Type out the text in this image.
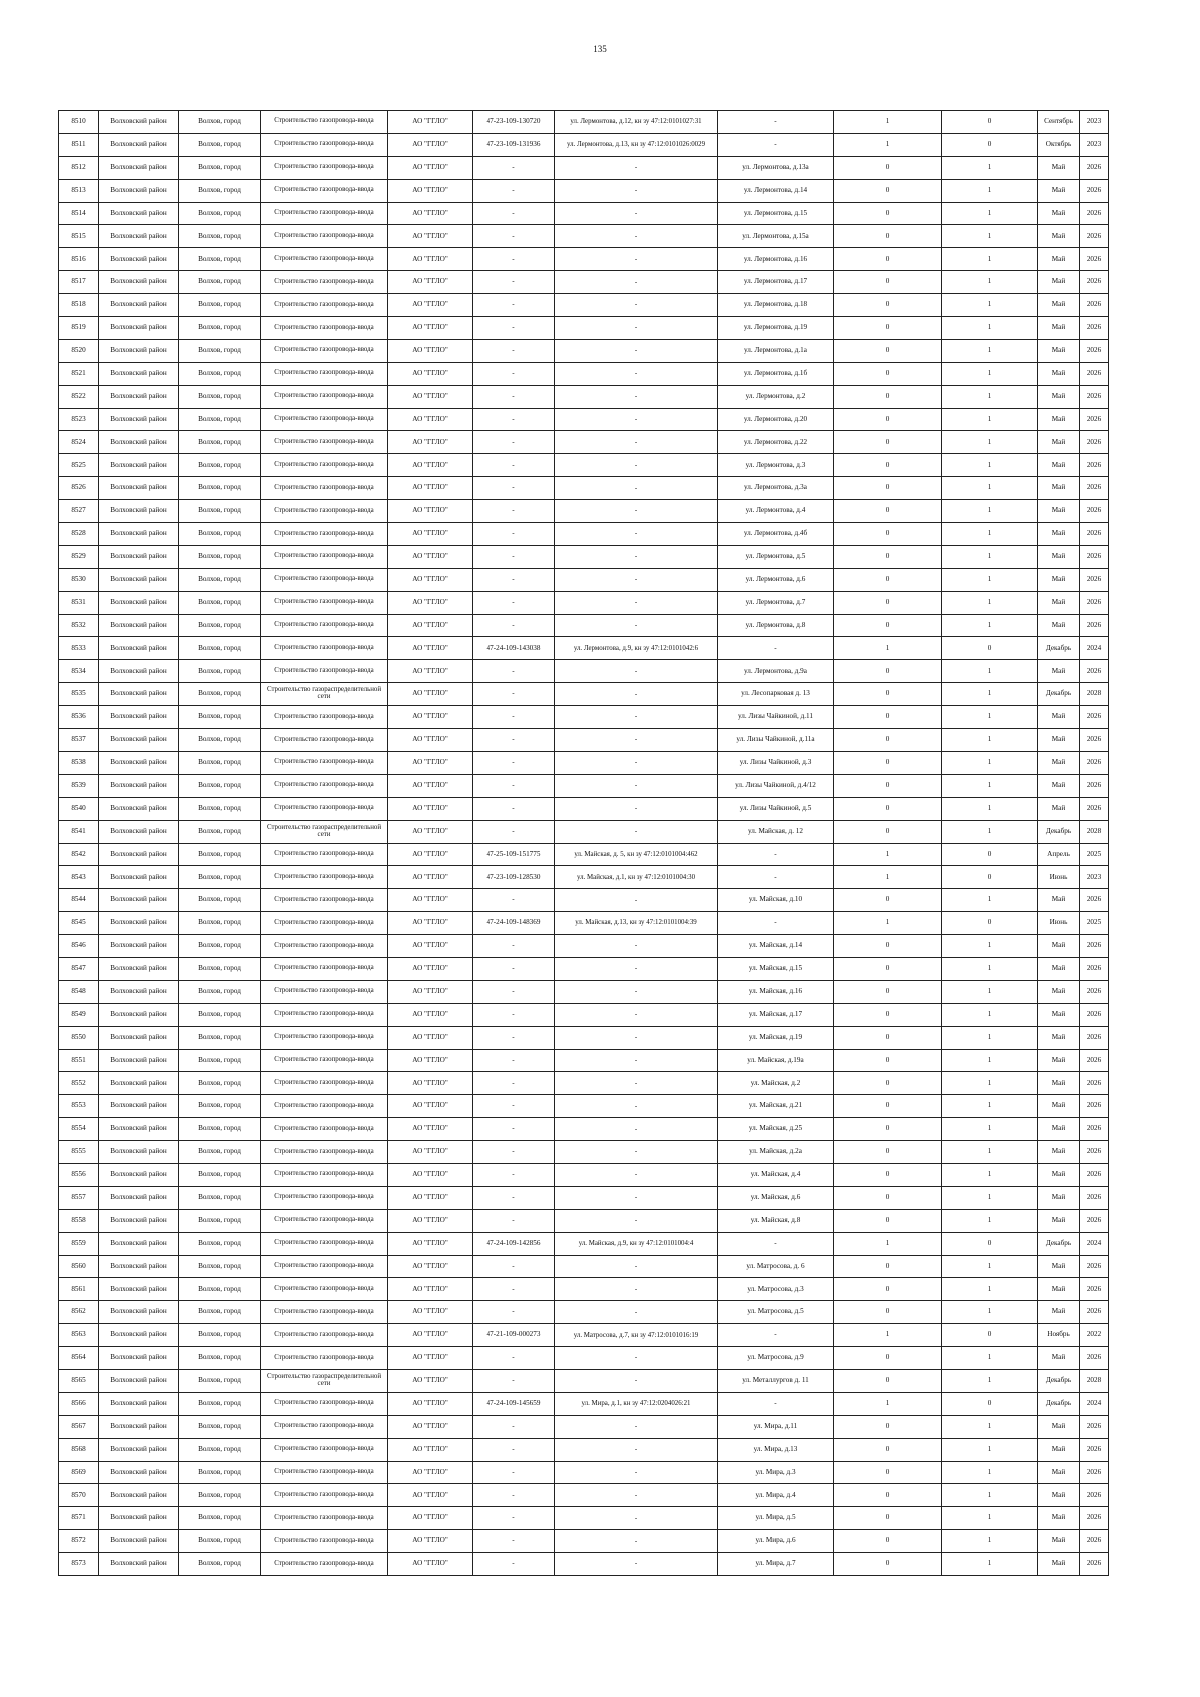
135
8510	Волховский район	Волхов, город	Строительство газопровода-ввода	АО "ГГЛО"	47-23-109-130720	ул. Лермонтова, д.12, кн зу 47:12:0101027:31	-	1	0	Сентябрь	2023
8511	Волховский район	Волхов, город	Строительство газопровода-ввода	АО "ГГЛО"	47-23-109-131936	ул. Лермонтова, д.13, кн зу 47:12:0101026:0029	-	1	0	Октябрь	2023
8512	Волховский район	Волхов, город	Строительство газопровода-ввода	АО "ГГЛО"	-	-	ул. Лермонтова, д.13а	0	1	Май	2026
8513	Волховский район	Волхов, город	Строительство газопровода-ввода	АО "ГГЛО"	-	-	ул. Лермонтова, д.14	0	1	Май	2026
8514	Волховский район	Волхов, город	Строительство газопровода-ввода	АО "ГГЛО"	-	-	ул. Лермонтова, д.15	0	1	Май	2026
8515	Волховский район	Волхов, город	Строительство газопровода-ввода	АО "ГГЛО"	-	-	ул. Лермонтова, д.15а	0	1	Май	2026
8516	Волховский район	Волхов, город	Строительство газопровода-ввода	АО "ГГЛО"	-	-	ул. Лермонтова, д.16	0	1	Май	2026
8517	Волховский район	Волхов, город	Строительство газопровода-ввода	АО "ГГЛО"	-	-	ул. Лермонтова, д.17	0	1	Май	2026
8518	Волховский район	Волхов, город	Строительство газопровода-ввода	АО "ГГЛО"	-	-	ул. Лермонтова, д.18	0	1	Май	2026
8519	Волховский район	Волхов, город	Строительство газопровода-ввода	АО "ГГЛО"	-	-	ул. Лермонтова, д.19	0	1	Май	2026
8520	Волховский район	Волхов, город	Строительство газопровода-ввода	АО "ГГЛО"	-	-	ул. Лермонтова, д.1а	0	1	Май	2026
8521	Волховский район	Волхов, город	Строительство газопровода-ввода	АО "ГГЛО"	-	-	ул. Лермонтова, д.1б	0	1	Май	2026
8522	Волховский район	Волхов, город	Строительство газопровода-ввода	АО "ГГЛО"	-	-	ул. Лермонтова, д.2	0	1	Май	2026
8523	Волховский район	Волхов, город	Строительство газопровода-ввода	АО "ГГЛО"	-	-	ул. Лермонтова, д.20	0	1	Май	2026
8524	Волховский район	Волхов, город	Строительство газопровода-ввода	АО "ГГЛО"	-	-	ул. Лермонтова, д.22	0	1	Май	2026
8525	Волховский район	Волхов, город	Строительство газопровода-ввода	АО "ГГЛО"	-	-	ул. Лермонтова, д.3	0	1	Май	2026
8526	Волховский район	Волхов, город	Строительство газопровода-ввода	АО "ГГЛО"	-	-	ул. Лермонтова, д.3а	0	1	Май	2026
8527	Волховский район	Волхов, город	Строительство газопровода-ввода	АО "ГГЛО"	-	-	ул. Лермонтова, д.4	0	1	Май	2026
8528	Волховский район	Волхов, город	Строительство газопровода-ввода	АО "ГГЛО"	-	-	ул. Лермонтова, д.4б	0	1	Май	2026
8529	Волховский район	Волхов, город	Строительство газопровода-ввода	АО "ГГЛО"	-	-	ул. Лермонтова, д.5	0	1	Май	2026
8530	Волховский район	Волхов, город	Строительство газопровода-ввода	АО "ГГЛО"	-	-	ул. Лермонтова, д.6	0	1	Май	2026
8531	Волховский район	Волхов, город	Строительство газопровода-ввода	АО "ГГЛО"	-	-	ул. Лермонтова, д.7	0	1	Май	2026
8532	Волховский район	Волхов, город	Строительство газопровода-ввода	АО "ГГЛО"	-	-	ул. Лермонтова, д.8	0	1	Май	2026
8533	Волховский район	Волхов, город	Строительство газопровода-ввода	АО "ГГЛО"	47-24-109-143038	ул. Лермонтова, д.9, кн зу 47:12:0101042:6	-	1	0	Декабрь	2024
8534	Волховский район	Волхов, город	Строительство газопровода-ввода	АО "ГГЛО"	-	-	ул. Лермонтова, д.9а	0	1	Май	2026
8535	Волховский район	Волхов, город	Строительство газораспределительной сети	АО "ГГЛО"	-	-	ул. Лесопарковая д. 13	0	1	Декабрь	2028
8536	Волховский район	Волхов, город	Строительство газопровода-ввода	АО "ГГЛО"	-	-	ул. Лизы Чайкиной, д.11	0	1	Май	2026
8537	Волховский район	Волхов, город	Строительство газопровода-ввода	АО "ГГЛО"	-	-	ул. Лизы Чайкиной, д.11а	0	1	Май	2026
8538	Волховский район	Волхов, город	Строительство газопровода-ввода	АО "ГГЛО"	-	-	ул. Лизы Чайкиной, д.3	0	1	Май	2026
8539	Волховский район	Волхов, город	Строительство газопровода-ввода	АО "ГГЛО"	-	-	ул. Лизы Чайкиной, д.4/12	0	1	Май	2026
8540	Волховский район	Волхов, город	Строительство газопровода-ввода	АО "ГГЛО"	-	-	ул. Лизы Чайкиной, д.5	0	1	Май	2026
8541	Волховский район	Волхов, город	Строительство газораспределительной сети	АО "ГГЛО"	-	-	ул. Майская, д. 12	0	1	Декабрь	2028
8542	Волховский район	Волхов, город	Строительство газопровода-ввода	АО "ГГЛО"	47-25-109-151775	ул. Майская, д. 5, кн зу 47:12:0101004:462	-	1	0	Апрель	2025
8543	Волховский район	Волхов, город	Строительство газопровода-ввода	АО "ГГЛО"	47-23-109-128530	ул. Майская, д.1, кн зу 47:12:0101004:30	-	1	0	Июнь	2023
8544	Волховский район	Волхов, город	Строительство газопровода-ввода	АО "ГГЛО"	-	-	ул. Майская, д.10	0	1	Май	2026
8545	Волховский район	Волхов, город	Строительство газопровода-ввода	АО "ГГЛО"	47-24-109-148369	ул. Майская, д.13, кн зу 47:12:0101004:39	-	1	0	Июнь	2025
8546	Волховский район	Волхов, город	Строительство газопровода-ввода	АО "ГГЛО"	-	-	ул. Майская, д.14	0	1	Май	2026
8547	Волховский район	Волхов, город	Строительство газопровода-ввода	АО "ГГЛО"	-	-	ул. Майская, д.15	0	1	Май	2026
8548	Волховский район	Волхов, город	Строительство газопровода-ввода	АО "ГГЛО"	-	-	ул. Майская, д.16	0	1	Май	2026
8549	Волховский район	Волхов, город	Строительство газопровода-ввода	АО "ГГЛО"	-	-	ул. Майская, д.17	0	1	Май	2026
8550	Волховский район	Волхов, город	Строительство газопровода-ввода	АО "ГГЛО"	-	-	ул. Майская, д.19	0	1	Май	2026
8551	Волховский район	Волхов, город	Строительство газопровода-ввода	АО "ГГЛО"	-	-	ул. Майская, д.19а	0	1	Май	2026
8552	Волховский район	Волхов, город	Строительство газопровода-ввода	АО "ГГЛО"	-	-	ул. Майская, д.2	0	1	Май	2026
8553	Волховский район	Волхов, город	Строительство газопровода-ввода	АО "ГГЛО"	-	-	ул. Майская, д.21	0	1	Май	2026
8554	Волховский район	Волхов, город	Строительство газопровода-ввода	АО "ГГЛО"	-	-	ул. Майская, д.25	0	1	Май	2026
8555	Волховский район	Волхов, город	Строительство газопровода-ввода	АО "ГГЛО"	-	-	ул. Майская, д.2а	0	1	Май	2026
8556	Волховский район	Волхов, город	Строительство газопровода-ввода	АО "ГГЛО"	-	-	ул. Майская, д.4	0	1	Май	2026
8557	Волховский район	Волхов, город	Строительство газопровода-ввода	АО "ГГЛО"	-	-	ул. Майская, д.6	0	1	Май	2026
8558	Волховский район	Волхов, город	Строительство газопровода-ввода	АО "ГГЛО"	-	-	ул. Майская, д.8	0	1	Май	2026
8559	Волховский район	Волхов, город	Строительство газопровода-ввода	АО "ГГЛО"	47-24-109-142856	ул. Майская, д.9, кн зу 47:12:0101004:4	-	1	0	Декабрь	2024
8560	Волховский район	Волхов, город	Строительство газопровода-ввода	АО "ГГЛО"	-	-	ул. Матросова, д. 6	0	1	Май	2026
8561	Волховский район	Волхов, город	Строительство газопровода-ввода	АО "ГГЛО"	-	-	ул. Матросова, д.3	0	1	Май	2026
8562	Волховский район	Волхов, город	Строительство газопровода-ввода	АО "ГГЛО"	-	-	ул. Матросова, д.5	0	1	Май	2026
8563	Волховский район	Волхов, город	Строительство газопровода-ввода	АО "ГГЛО"	47-21-109-000273	ул. Матросова, д.7, кн зу 47:12:0101016:19	-	1	0	Ноябрь	2022
8564	Волховский район	Волхов, город	Строительство газопровода-ввода	АО "ГГЛО"	-	-	ул. Матросова, д.9	0	1	Май	2026
8565	Волховский район	Волхов, город	Строительство газораспределительной сети	АО "ГГЛО"	-	-	ул. Металлургов д. 11	0	1	Декабрь	2028
8566	Волховский район	Волхов, город	Строительство газопровода-ввода	АО "ГГЛО"	47-24-109-145659	ул. Мира, д.1, кн зу 47:12:0204026:21	-	1	0	Декабрь	2024
8567	Волховский район	Волхов, город	Строительство газопровода-ввода	АО "ГГЛО"	-	-	ул. Мира, д.11	0	1	Май	2026
8568	Волховский район	Волхов, город	Строительство газопровода-ввода	АО "ГГЛО"	-	-	ул. Мира, д.13	0	1	Май	2026
8569	Волховский район	Волхов, город	Строительство газопровода-ввода	АО "ГГЛО"	-	-	ул. Мира, д.3	0	1	Май	2026
8570	Волховский район	Волхов, город	Строительство газопровода-ввода	АО "ГГЛО"	-	-	ул. Мира, д.4	0	1	Май	2026
8571	Волховский район	Волхов, город	Строительство газопровода-ввода	АО "ГГЛО"	-	-	ул. Мира, д.5	0	1	Май	2026
8572	Волховский район	Волхов, город	Строительство газопровода-ввода	АО "ГГЛО"	-	-	ул. Мира, д.6	0	1	Май	2026
8573	Волховский район	Волхов, город	Строительство газопровода-ввода	АО "ГГЛО"	-	-	ул. Мира, д.7	0	1	Май	2026
